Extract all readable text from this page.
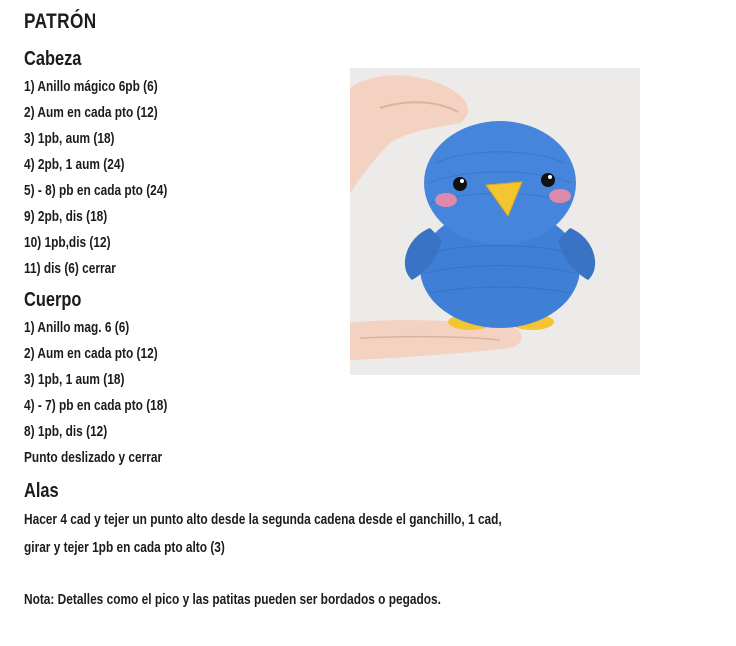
PATRÓN
Cabeza
1) Anillo mágico 6pb (6)
2) Aum en cada pto (12)
3) 1pb, aum (18)
4) 2pb, 1 aum (24)
5) - 8) pb en cada pto (24)
9) 2pb, dis (18)
10) 1pb,dis (12)
11) dis (6) cerrar
Cuerpo
1) Anillo mag. 6 (6)
2) Aum en cada pto (12)
3) 1pb, 1 aum (18)
4) - 7) pb en cada pto (18)
8) 1pb, dis (12)
Punto deslizado y cerrar
Alas
Hacer 4 cad y tejer un punto alto desde la segunda cadena desde el ganchillo, 1 cad,
girar y tejer 1pb en cada pto alto (3)
Nota: Detalles como el pico y las patitas pueden ser bordados o pegados.
